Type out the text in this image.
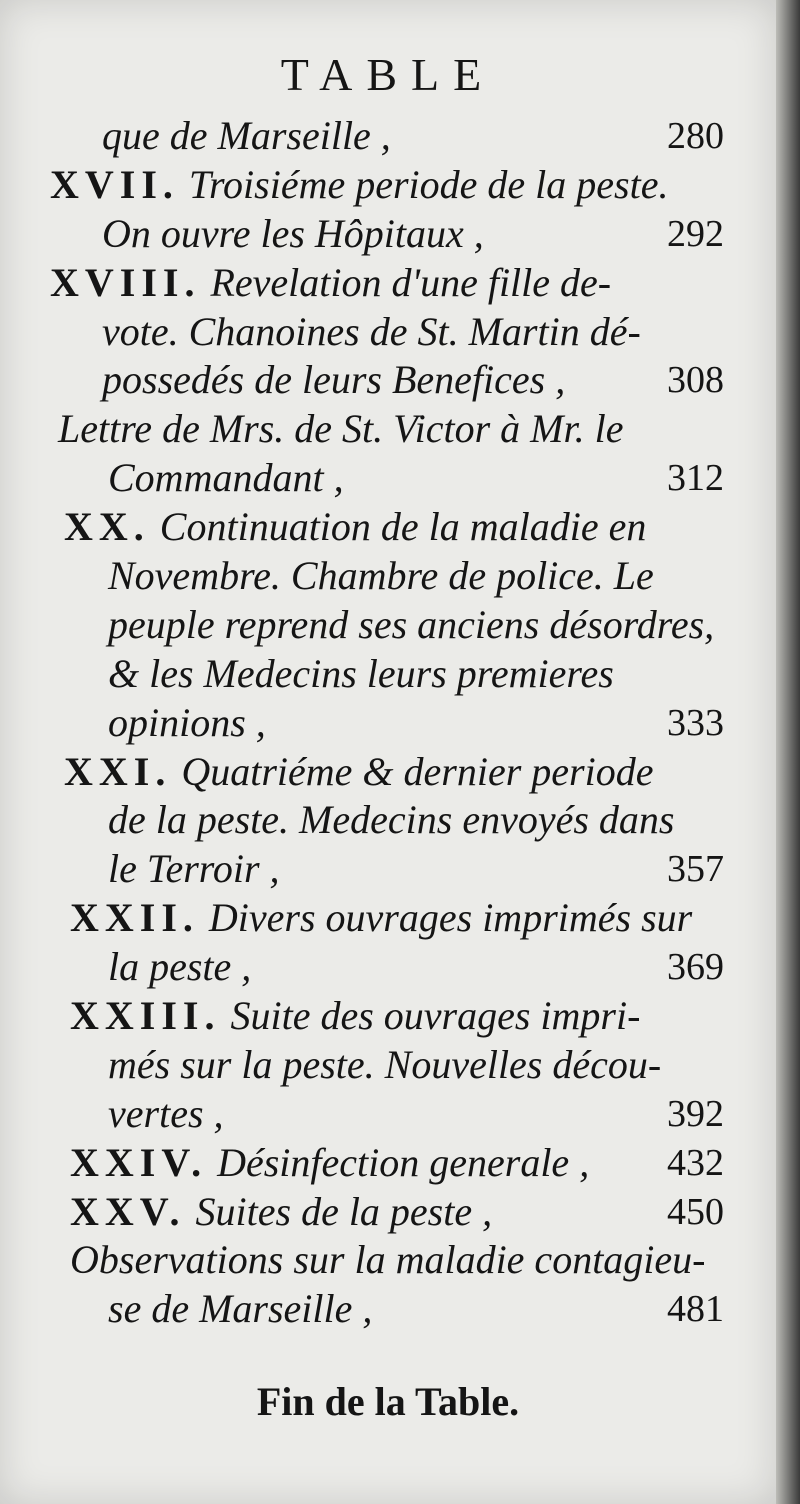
TABLE
que de Marseille ,	280
XVII. Troisiéme periode de la peste.
On ouvre les Hôpitaux ,	292
XVIII. Revelation d'une fille de-
vote. Chanoines de St. Martin dé-
possedés de leurs Benefices ,	308
Lettre de Mrs. de St. Victor à Mr. le
Commandant ,	312
XX. Continuation de la maladie en
Novembre. Chambre de police. Le
peuple reprend ses anciens désordres,
& les Medecins leurs premieres
opinions ,	333
XXI. Quatriéme & dernier periode
de la peste. Medecins envoyés dans
le Terroir ,	357
XXII. Divers ouvrages imprimés sur
la peste ,	369
XXIII. Suite des ouvrages impri-
més sur la peste. Nouvelles décou-
vertes ,	392
XXIV. Désinfection generale , 432
XXV. Suites de la peste ,	450
Observations sur la maladie contagieu-
se de Marseille ,	481
Fin de la Table.
